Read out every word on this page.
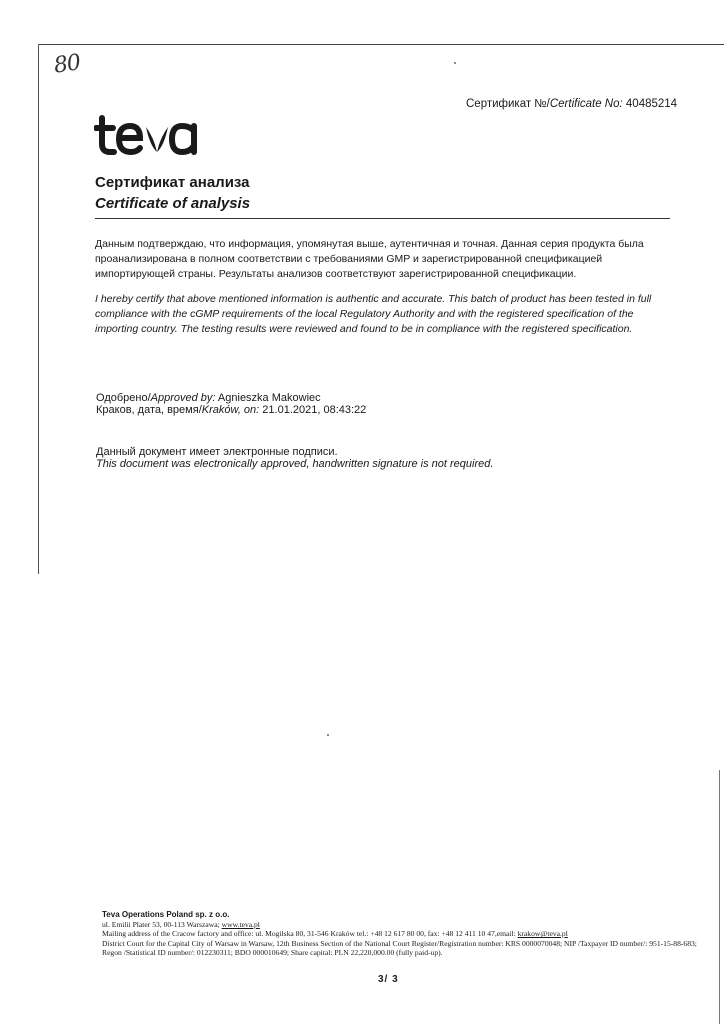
80
Сертификат №/Certificate No: 40485214
Сертификат анализа
Certificate of analysis
Данным подтверждаю, что информация, упомянутая выше, аутентичная и точная. Данная серия продукта была проанализирована в полном соответствии с требованиями GMP и зарегистрированной спецификацией импортирующей страны. Результаты анализов соответствуют зарегистрированной спецификации.
I hereby certify that above mentioned information is authentic and accurate. This batch of product has been tested in full compliance with the cGMP requirements of the local Regulatory Authority and with the registered specification of the importing country. The testing results were reviewed and found to be in compliance with the registered specification.
Одобрено/Approved by: Agnieszka Makowiec
Краков, дата, время/Kraków, on: 21.01.2021, 08:43:22
Данный документ имеет электронные подписи.
This document was electronically approved, handwritten signature is not required.
Teva Operations Poland sp. z o.o.
ul. Emilii Plater 53, 00-113 Warszawa; www.teva.pl
Mailing address of the Cracow factory and office: ul. Mogilska 80, 31-546 Kraków tel.: +48 12 617 80 00, fax: +48 12 411 10 47,email: krakow@teva.pl
District Court for the Capital City of Warsaw in Warsaw, 12th Business Section of the National Court Register/Registration number: KRS 0000070048; NIP /Taxpayer ID number/: 951-15-88-683; Regon /Statistical ID number/: 012230311; BDO 000010649; Share capital: PLN 22,220,000.00 (fully paid-up).
3/ 3
